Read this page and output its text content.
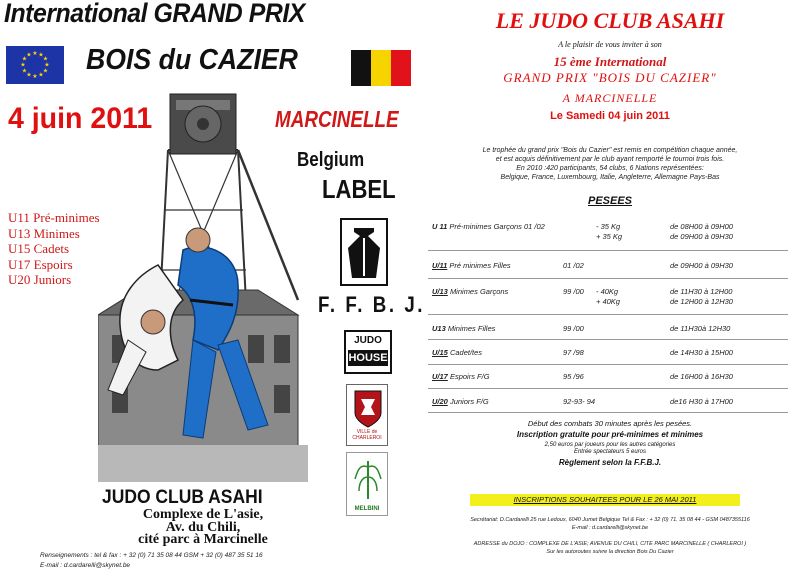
International GRAND PRIX
★ ★
★
★
★
★
★
★
★
★
★
★ BOIS du CAZIER
4 juin 2011	MARCINELLE
Belgium
LABEL
U11 Pré-minimes
U13 Minimes
U15 Cadets
U17 Espoirs
U20 Juniors
F. F. B. J.
JUDO
HOUSE
VILLE de CHARLEROI
MELBINI
JUDO CLUB ASAHI
Complexe de L'asie,
Av. du Chili,
cité parc à Marcinelle
Renseignements : tel & fax : + 32 (0) 71 35 08 44 GSM + 32 (0) 487 35 51 16
E-mail : d.cardarelli@skynet.be
LE JUDO CLUB ASAHI
A le plaisir de vous inviter à son
15 ème International
GRAND PRIX "BOIS DU CAZIER"
A MARCINELLE
Le Samedi 04 juin 2011
Le trophée du grand prix "Bois du Cazier" est remis en compétition chaque année,
et est acquis définitivement par le club ayant remporté le tournoi trois fois.
En 2010 :420 participants, 54 clubs, 6 Nations représentées:
Belgique, France, Luxembourg, Italie, Angleterre, Allemagne Pays-Bas
PESEES
U 11 Pré-minimes Garçons 01 /02	- 35 Kg	de 08H00 à 09H00
+ 35 Kg	de 09H00 à 09H30
U/11 Pré minimes Filles	01 /02	de 09H00 à 09H30
U/13 Minimes Garçons	99 /00 - 40Kg	de 11H30 à 12H00
+ 40Kg	de 12H00 à 12H30
U13 Minimes Filles	99 /00	de 11H30à 12H30
U/15 Cadet/tes	97 /98	de 14H30 à 15H00
U/17 Espoirs F/G	95 /96	de 16H00 à 16H30
U/20 Juniors F/G	92-93- 94	de16 H30 à 17H00
Début des combats 30 minutes après les pesées.
Inscription gratuite pour pré-minimes et minimes
2,50 euros par joueurs pour les autres catégories
Entrée spectateurs 5 euros
Règlement selon la F.F.B.J.
INSCRIPTIONS SOUHAITEES POUR LE 26 MAI 2011
Secrétariat: D.Cardarelli 25 rue Ledoux, 6040 Jumet Belgique Tel & Fax : + 32 (0) 71. 35 08 44 - GSM 0487355116
E-mail : d.cardarelli@skynet.be
ADRESSE du DOJO : COMPLEXE DE L'ASIE; AVENUE DU CHILI, CITE PARC MARCINELLE ( CHARLEROI )
Sur les autoroutes suivre la direction Bois Du Cazier
